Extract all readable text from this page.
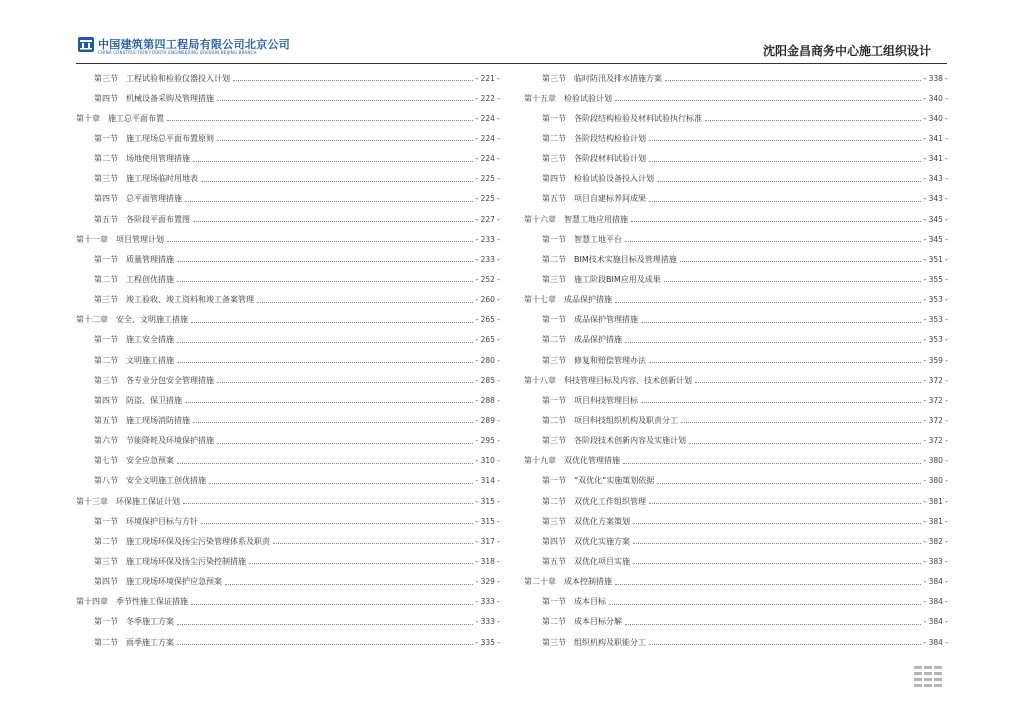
中国建筑第四工程局有限公司北京公司
CHINA CONSTRUCTION FOURTH ENGINEERING DIVISION BEIJING BRANCH	沈阳金昌商务中心施工组织设计
第三节　工程试验和检验仪器投入计划	- 221 -
第四节　机械设备采购及管理措施	- 222 -
第十章　施工总平面布置	- 224 -
第一节　施工现场总平面布置原则	- 224 -
第二节　场地使用管理措施	- 224 -
第三节　施工现场临时用地表	- 225 -
第四节　总平面管理措施	- 225 -
第五节　各阶段平面布置图	- 227 -
第十一章　项目管理计划	- 233 -
第一节　质量管理措施	- 233 -
第二节　工程创优措施	- 252 -
第三节　竣工验收、竣工资料和竣工备案管理	- 260 -
第十二章　安全、文明施工措施	- 265 -
第一节　施工安全措施	- 265 -
第二节　文明施工措施	- 280 -
第三节　各专业分包安全管理措施	- 285 -
第四节　防盗、保卫措施	- 288 -
第五节　施工现场消防措施	- 289 -
第六节　节能降耗及环境保护措施	- 295 -
第七节　安全应急预案	- 310 -
第八节　安全文明施工创优措施	- 314 -
第十三章　环保施工保证计划	- 315 -
第一节　环境保护目标与方针	- 315 -
第二节　施工现场环保及扬尘污染管理体系及职责	- 317 -
第三节　施工现场环保及扬尘污染控制措施	- 318 -
第四节　施工现场环境保护应急预案	- 329 -
第十四章　季节性施工保证措施	- 333 -
第一节　冬季施工方案	- 333 -
第二节　雨季施工方案	- 335 -
第三节　临时防汛及排水措施方案	- 338 -
第十五章　检验试验计划	- 340 -
第一节　各阶段结构检验及材料试验执行标准	- 340 -
第二节　各阶段结构检验计划	- 341 -
第三节　各阶段材料试验计划	- 341 -
第四节　检验试验设备投入计划	- 343 -
第五节　项目自建标养间成果	- 343 -
第十六章　智慧工地应用措施	- 345 -
第一节　智慧工地平台	- 345 -
第二节　BIM技术实施目标及管理措施	- 351 -
第三节　施工阶段BIM应用及成果	- 355 -
第十七章　成品保护措施	- 353 -
第一节　成品保护管理措施	- 353 -
第二节　成品保护措施	- 353 -
第三节　修复和赔偿管理办法	- 359 -
第十八章　科技管理目标及内容、技术创新计划	- 372 -
第一节　项目科技管理目标	- 372 -
第二节　项目科技组织机构及职责分工	- 372 -
第三节　各阶段技术创新内容及实施计划	- 372 -
第十九章　双优化管理措施	- 380 -
第一节　“双优化”实施策划依据	- 380 -
第二节　双优化工作组织管理	- 381 -
第三节　双优化方案策划	- 381 -
第四节　双优化实施方案	- 382 -
第五节　双优化项目实施	- 383 -
第二十章　成本控制措施	- 384 -
第一节　成本目标	- 384 -
第二节　成本目标分解	- 384 -
第三节　组织机构及职能分工	- 384 -
